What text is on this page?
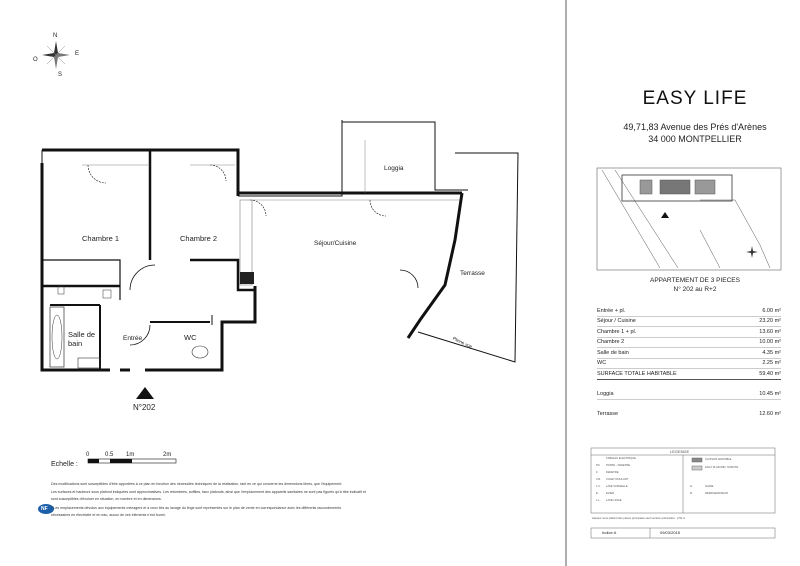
N
E
S
O
Chambre 1	Chambre 2
Séjour/Cuisine
Loggia
Terrasse
Entrée	WC
Salle de
bain	Pleine vue
N°202
Echelle :
0	0.5 1m	2m
Des modifications sont susceptibles d'être apportées à ce plan en fonction des nécessités techniques de la réalisation, tant en ce qui concerne les dimensions libres, que l'équipement.
Les surfaces et hauteurs sous plafond indiquées sont approximatives. Les retombées, soffites, faux plafonds, ainsi que l'emplacement des appareils sanitaires ne sont pas figurés qu'à titre indicatif et
sont susceptibles d'évoluer en situation, en nombre et en dimensions.
* Les emplacements dévolus aux équipements ménagers et à ceux liés au lavage du linge sont représentés sur le plan de vente en correspondance avec les différents raccordements
nécessaires en électricité et en eau, aucun de ces éléments n'est fourni.
NF
EASY LIFE
49,71,83 Avenue des Prés d'Arènes
34 000 MONTPELLIER
APPARTEMENT DE 3 PIECES
N° 202 au R+2
Entrée + pl.	6.00 m²
Séjour / Cuisine	23.20 m²
Chambre 1 + pl.	13.60 m²
Chambre 2	10.00 m²
Salle de bain	4.35 m²
WC	2.25 m²
SURFACE TOTALE HABITABLE	59.40 m²

Loggia	10.45 m²

Terrasse	12.60 m²
LEGENDE
TABLEAU ELECTRIQUE
P.F. PORTE - FENETRE
F.	FENETRE
V.R. VOLET ROULANT
L.V. LAVE VAISSELLE
E.	EVIER
L.L. LAVE LINGE
CLOISON AMOVIBLE
FAUX PLAFOND, SOFFITE
G.	GAINE
R.	REFRIGERATEUR
Hauteur sous plafond des pièces principales sauf mention particulière : 2,50 m
Indice A	09/03/2015
